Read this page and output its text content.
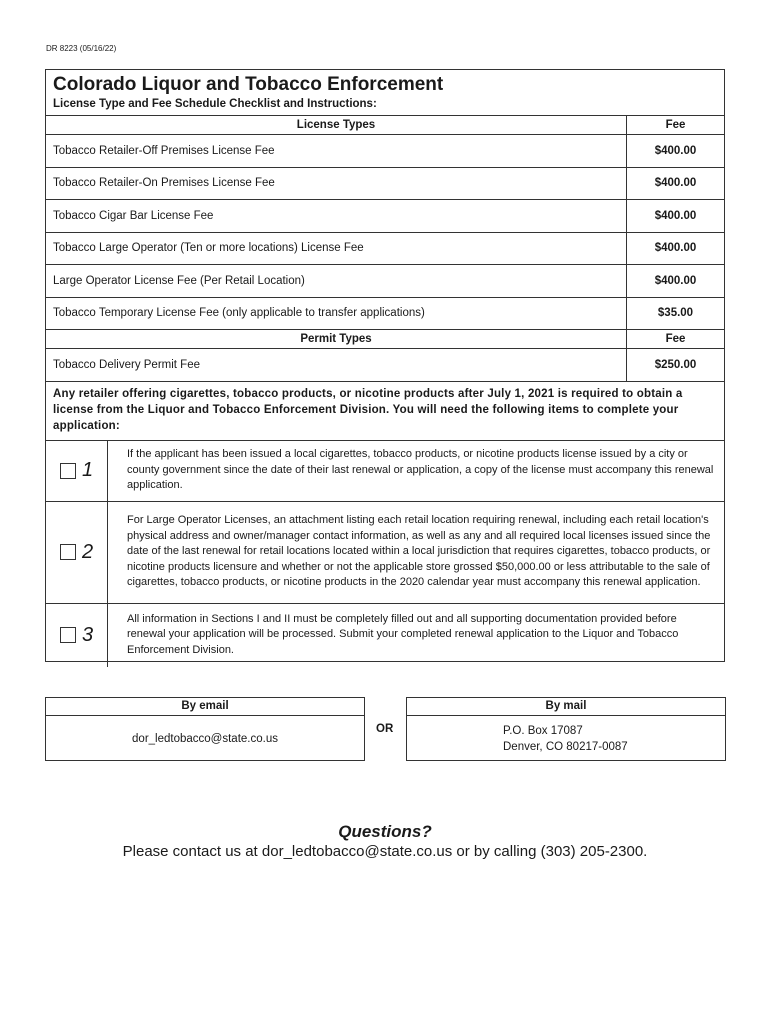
DR 8223 (05/16/22)
Colorado Liquor and Tobacco Enforcement
License Type and Fee Schedule Checklist and Instructions:
License Types	Fee
Tobacco Retailer-Off Premises License Fee	$400.00
Tobacco Retailer-On Premises License Fee	$400.00
Tobacco Cigar Bar License Fee	$400.00
Tobacco Large Operator (Ten or more locations) License Fee	$400.00
Large Operator License Fee (Per Retail Location)	$400.00
Tobacco Temporary License Fee (only applicable to transfer applications)	$35.00
Permit Types	Fee
Tobacco Delivery Permit Fee	$250.00
Any retailer offering cigarettes, tobacco products, or nicotine products after July 1, 2021 is required to obtain a license from the Liquor and Tobacco Enforcement Division. You will need the following items to complete your application:
1
If the applicant has been issued a local cigarettes, tobacco products, or nicotine products license issued by a city or county government since the date of their last renewal or application, a copy of the license must accompany this renewal application.
2
For Large Operator Licenses, an attachment listing each retail location requiring renewal, including each retail location's physical address and owner/manager contact information, as well as any and all required local licenses issued since the date of the last renewal for retail locations located within a local jurisdiction that requires cigarettes, tobacco products, or nicotine products licensure and whether or not the applicable store grossed $50,000.00 or less attributable to the sale of cigarettes, tobacco products, or nicotine products in the 2020 calendar year must accompany this renewal application.
3
All information in Sections I and II must be completely filled out and all supporting documentation provided before renewal your application will be processed. Submit your completed renewal application to the Liquor and Tobacco Enforcement Division.
By email
dor_ledtobacco@state.co.us
OR
By mail
P.O. Box 17087
Denver, CO 80217-0087
Questions?
Please contact us at dor_ledtobacco@state.co.us or by calling (303) 205-2300.
